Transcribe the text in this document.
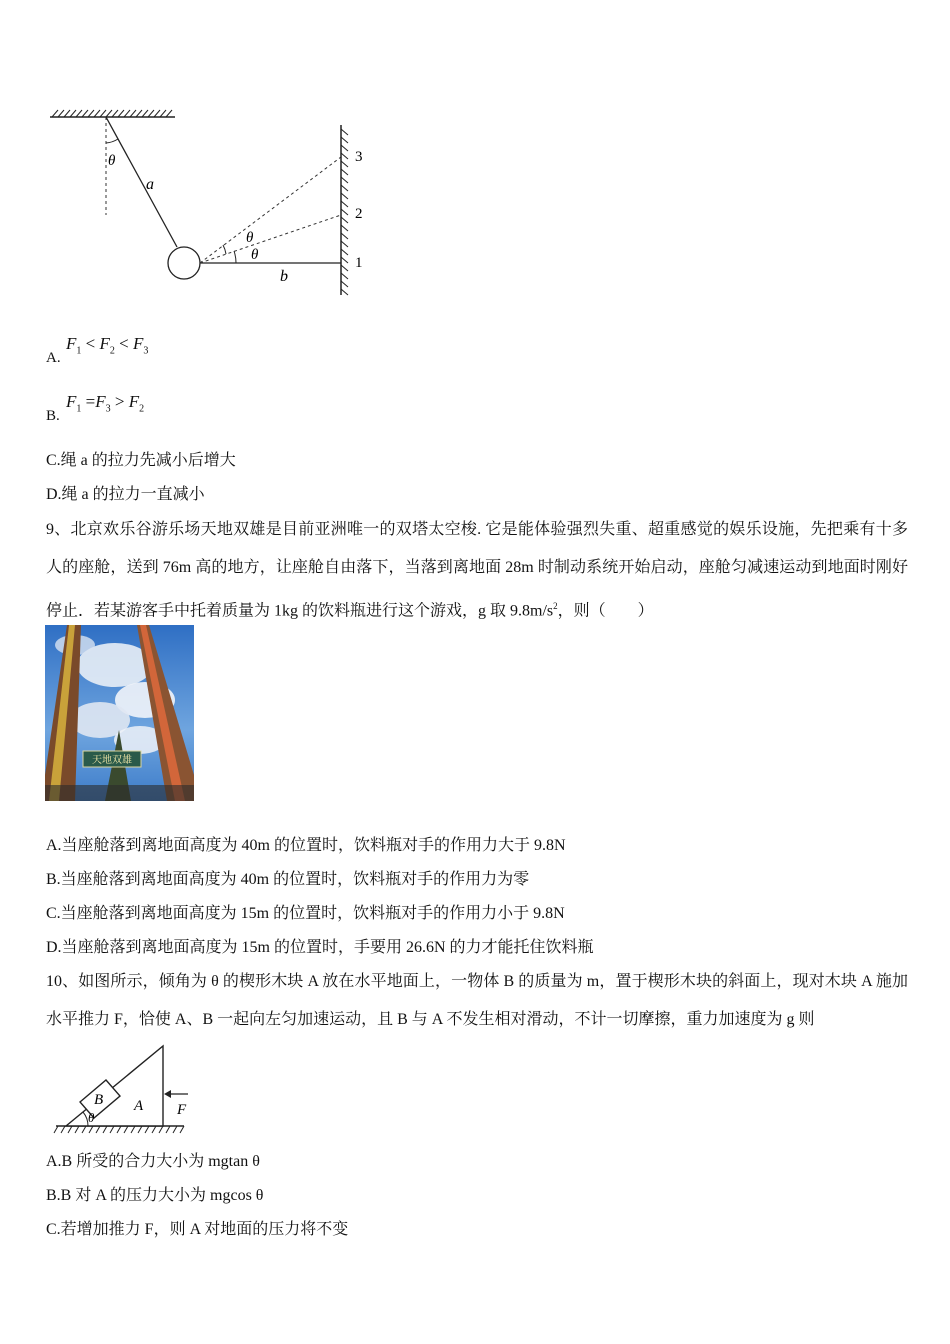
θ
a
θ
θ
b
1
2
3
A.
$F_1 < F_2 < F_3$
B.
$F_1 =F_3 > F_2$
C.绳 a 的拉力先减小后增大
D.绳 a 的拉力一直减小
9、北京欢乐谷游乐场天地双雄是目前亚洲唯一的双塔太空梭. 它是能体验强烈失重、超重感觉的娱乐设施，先把乘有十多人的座舱，送到 76m 高的地方，让座舱自由落下，当落到离地面 28m 时制动系统开始启动，座舱匀减速运动到地面时刚好停止．若某游客手中托着质量为 1kg 的饮料瓶进行这个游戏，g 取 $9.8m/s^2$，则（　　）
天地双雄
A.当座舱落到离地面高度为 40m 的位置时，饮料瓶对手的作用力大于 9.8N
B.当座舱落到离地面高度为 40m 的位置时，饮料瓶对手的作用力为零
C.当座舱落到离地面高度为 15m 的位置时，饮料瓶对手的作用力小于 9.8N
D.当座舱落到离地面高度为 15m 的位置时，手要用 26.6N 的力才能托住饮料瓶
10、如图所示，倾角为 θ 的楔形木块 A 放在水平地面上，一物体 B 的质量为 m，置于楔形木块的斜面上，现对木块 A 施加水平推力 F，恰使 A、B 一起向左匀加速运动，且 B 与 A 不发生相对滑动，不计一切摩擦，重力加速度为 g 则
B A
θ	F
A.B 所受的合力大小为 mgtan θ
B.B 对 A 的压力大小为 mgcos θ
C.若增加推力 F，则 A 对地面的压力将不变
